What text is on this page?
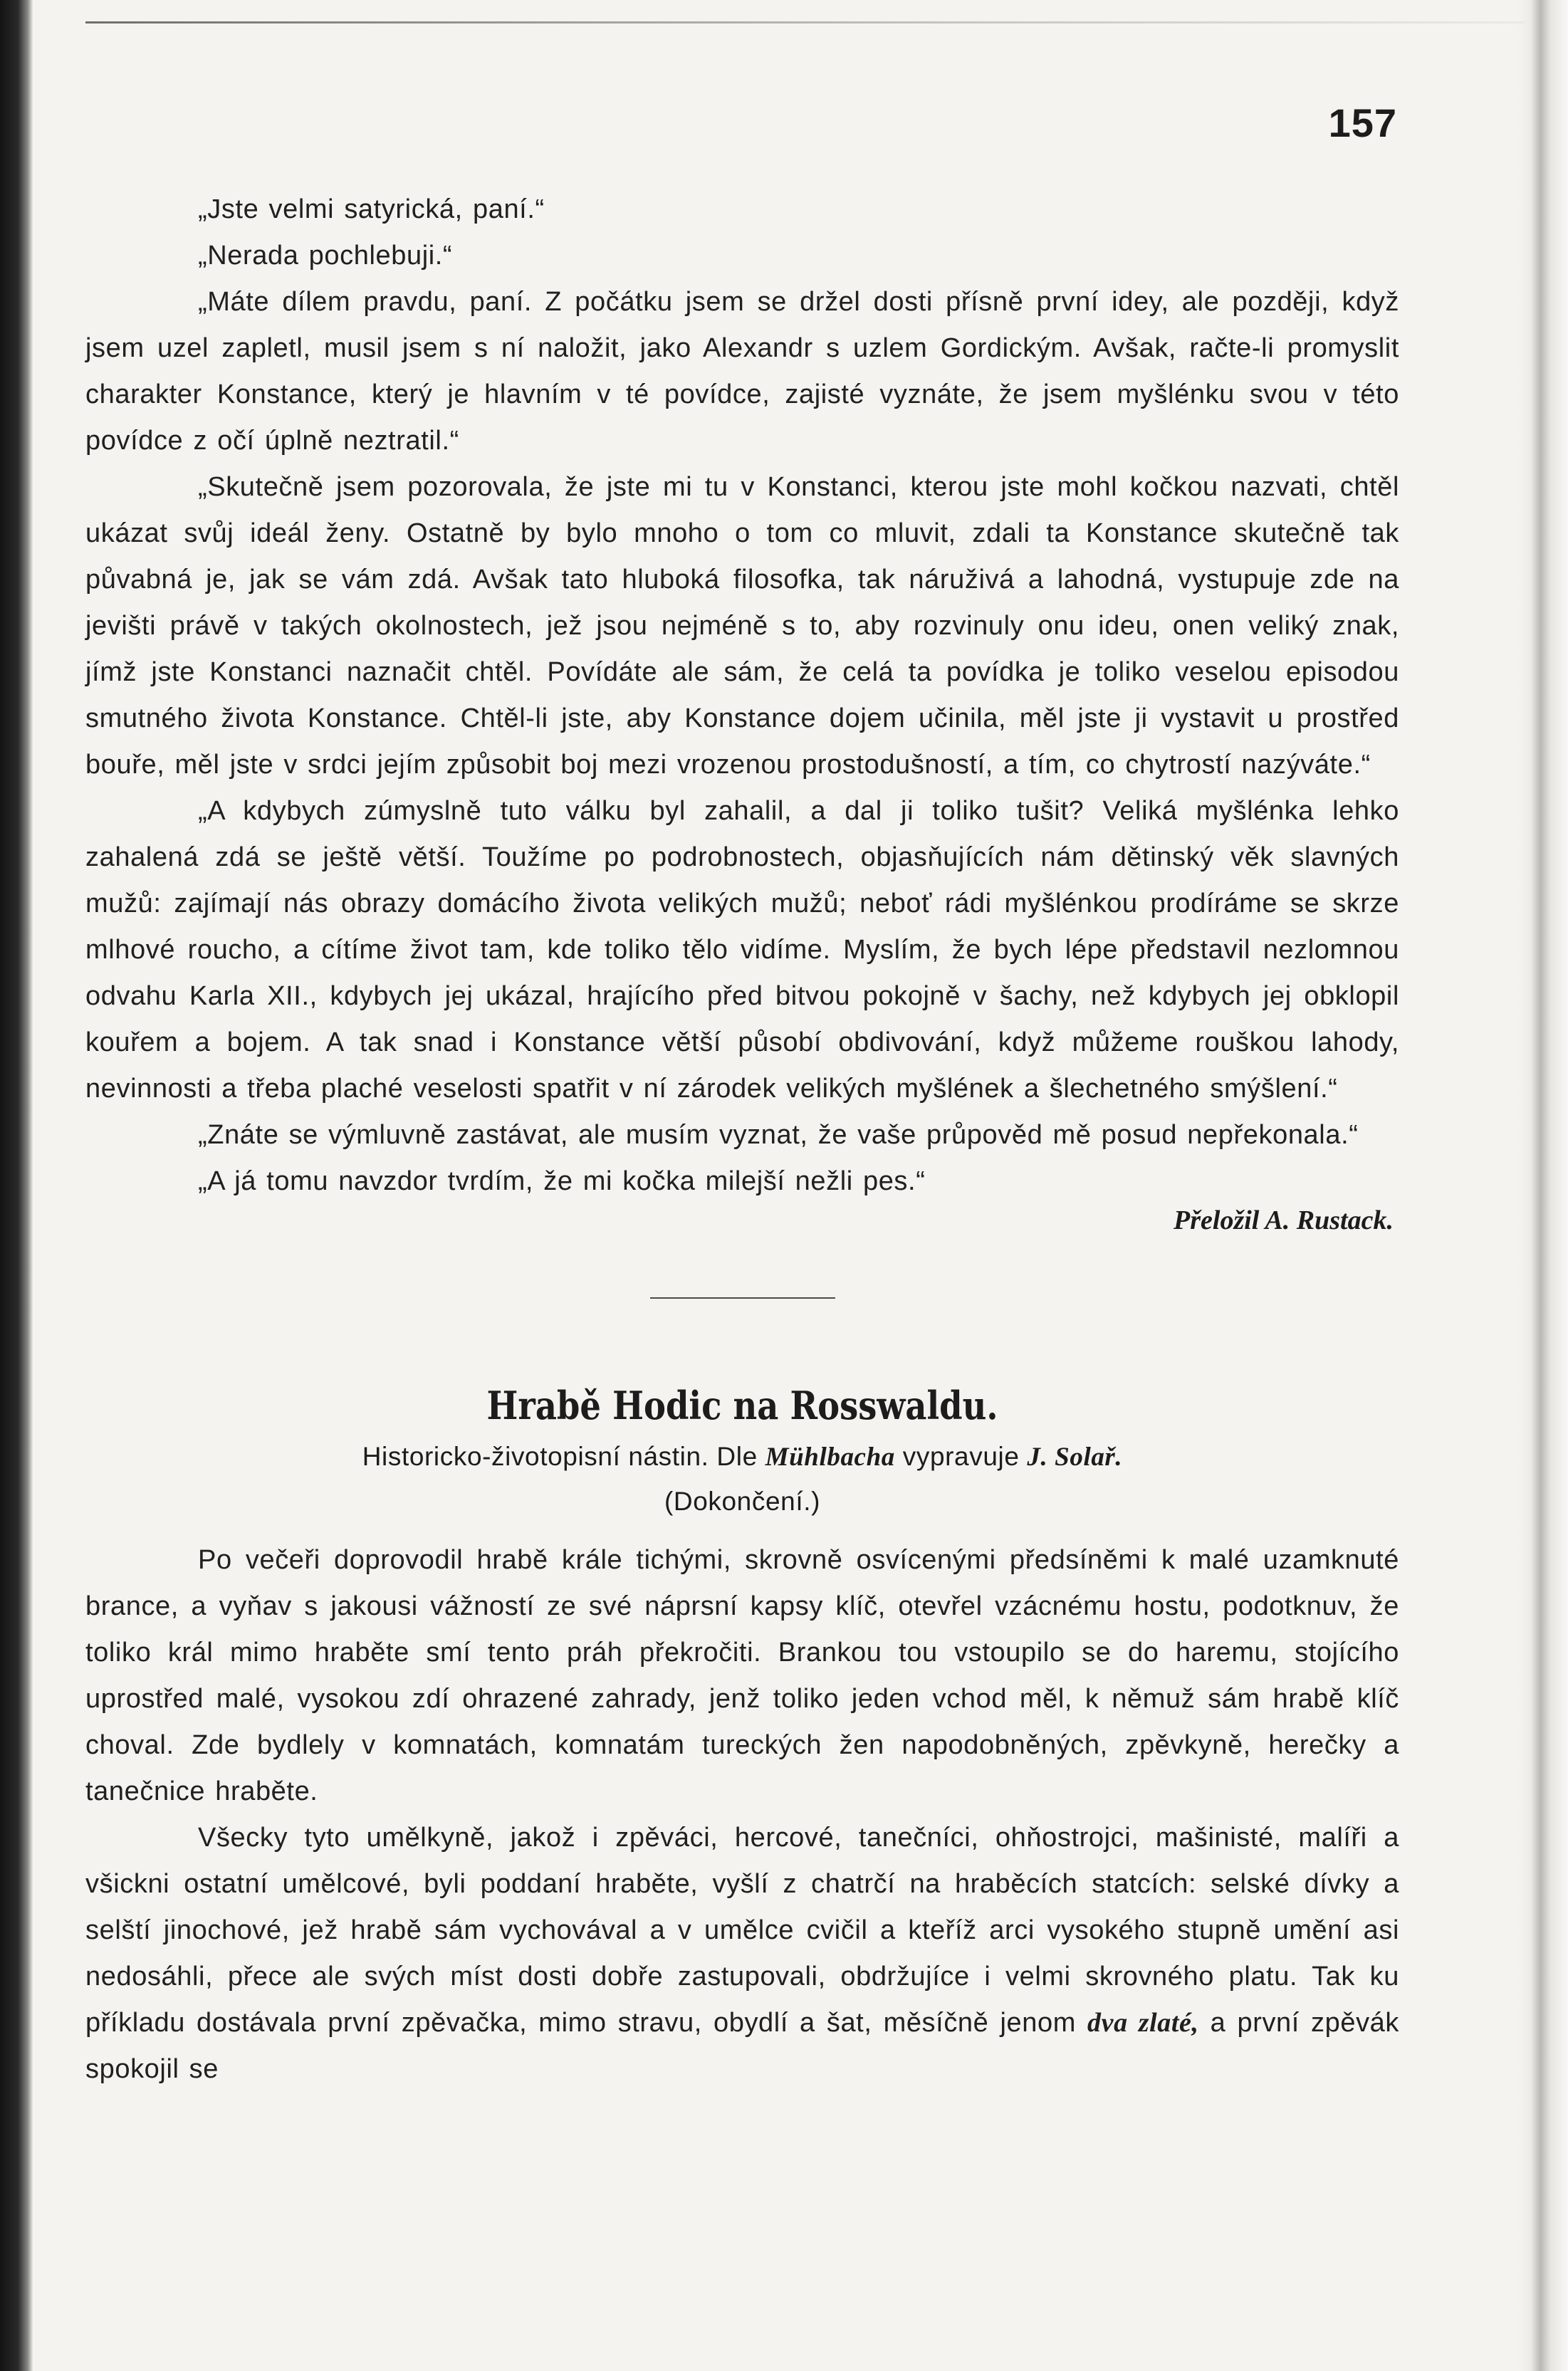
157

„Jste velmi satyrická, paní.“

„Nerada pochlebuji.“

„Máte dílem pravdu, paní. Z počátku jsem se držel dosti přísně první idey, ale později, když jsem uzel zapletl, musil jsem s ní naložit, jako Alexandr s uzlem Gordickým. Avšak, račte-li promyslit charakter Konstance, který je hlavním v té povídce, zajisté vyznáte, že jsem myšlénku svou v této povídce z očí úplně neztratil.“

„Skutečně jsem pozorovala, že jste mi tu v Konstanci, kterou jste mohl kočkou nazvati, chtěl ukázat svůj ideál ženy. Ostatně by bylo mnoho o tom co mluvit, zdali ta Konstance skutečně tak půvabná je, jak se vám zdá. Avšak tato hluboká filosofka, tak náruživá a lahodná, vystupuje zde na jevišti právě v takých okolnostech, jež jsou nejméně s to, aby rozvinuly onu ideu, onen veliký znak, jímž jste Konstanci naznačit chtěl. Povídáte ale sám, že celá ta povídka je toliko veselou episodou smutného života Konstance. Chtěl-li jste, aby Konstance dojem učinila, měl jste ji vystavit u prostřed bouře, měl jste v srdci jejím způsobit boj mezi vrozenou prostodušností, a tím, co chytrostí nazýváte.“

„A kdybych zúmyslně tuto válku byl zahalil, a dal ji toliko tušit? Veliká myšlénka lehko zahalená zdá se ještě větší. Toužíme po podrobnostech, objasňujících nám dětinský věk slavných mužů: zajímají nás obrazy domácího života velikých mužů; neboť rádi myšlénkou prodíráme se skrze mlhové roucho, a cítíme život tam, kde toliko tělo vidíme. Myslím, že bych lépe představil nezlomnou odvahu Karla XII., kdybych jej ukázal, hrajícího před bitvou pokojně v šachy, než kdybych jej obklopil kouřem a bojem. A tak snad i Konstance větší působí obdivování, když můžeme rouškou lahody, nevinnosti a třeba plaché veselosti spatřit v ní zárodek velikých myšlének a šlechetného smýšlení.“

„Znáte se výmluvně zastávat, ale musím vyznat, že vaše průpověd mě posud nepřekonala.“

„A já tomu navzdor tvrdím, že mi kočka milejší nežli pes.“

Přeložil A. Rustack.
Hrabě Hodic na Rosswaldu.
Historicko-životopisní nástin. Dle Mühlbacha vypravuje J. Solař.
(Dokončení.)

Po večeři doprovodil hrabě krále tichými, skrovně osvícenými předsíněmi k malé uzamknuté brance, a vyňav s jakousi vážností ze své náprsní kapsy klíč, otevřel vzácnému hostu, podotknuv, že toliko král mimo hraběte smí tento práh překročiti. Brankou tou vstoupilo se do haremu, stojícího uprostřed malé, vysokou zdí ohrazené zahrady, jenž toliko jeden vchod měl, k němuž sám hrabě klíč choval. Zde bydlely v komnatách, komnatám tureckých žen napodobněných, zpěvkyně, herečky a tanečnice hraběte.

Všecky tyto umělkyně, jakož i zpěváci, hercové, tanečníci, ohňostrojci, mašinisté, malíři a všickni ostatní umělcové, byli poddaní hraběte, vyšlí z chatrčí na hraběcích statcích: selské dívky a selští jinochové, jež hrabě sám vychovával a v umělce cvičil a kteříž arci vysokého stupně umění asi nedosáhli, přece ale svých míst dosti dobře zastupovali, obdržujíce i velmi skrovného platu. Tak ku příkladu dostávala první zpěvačka, mimo stravu, obydlí a šat, měsíčně jenom dva zlaté, a první zpěvák spokojil se
